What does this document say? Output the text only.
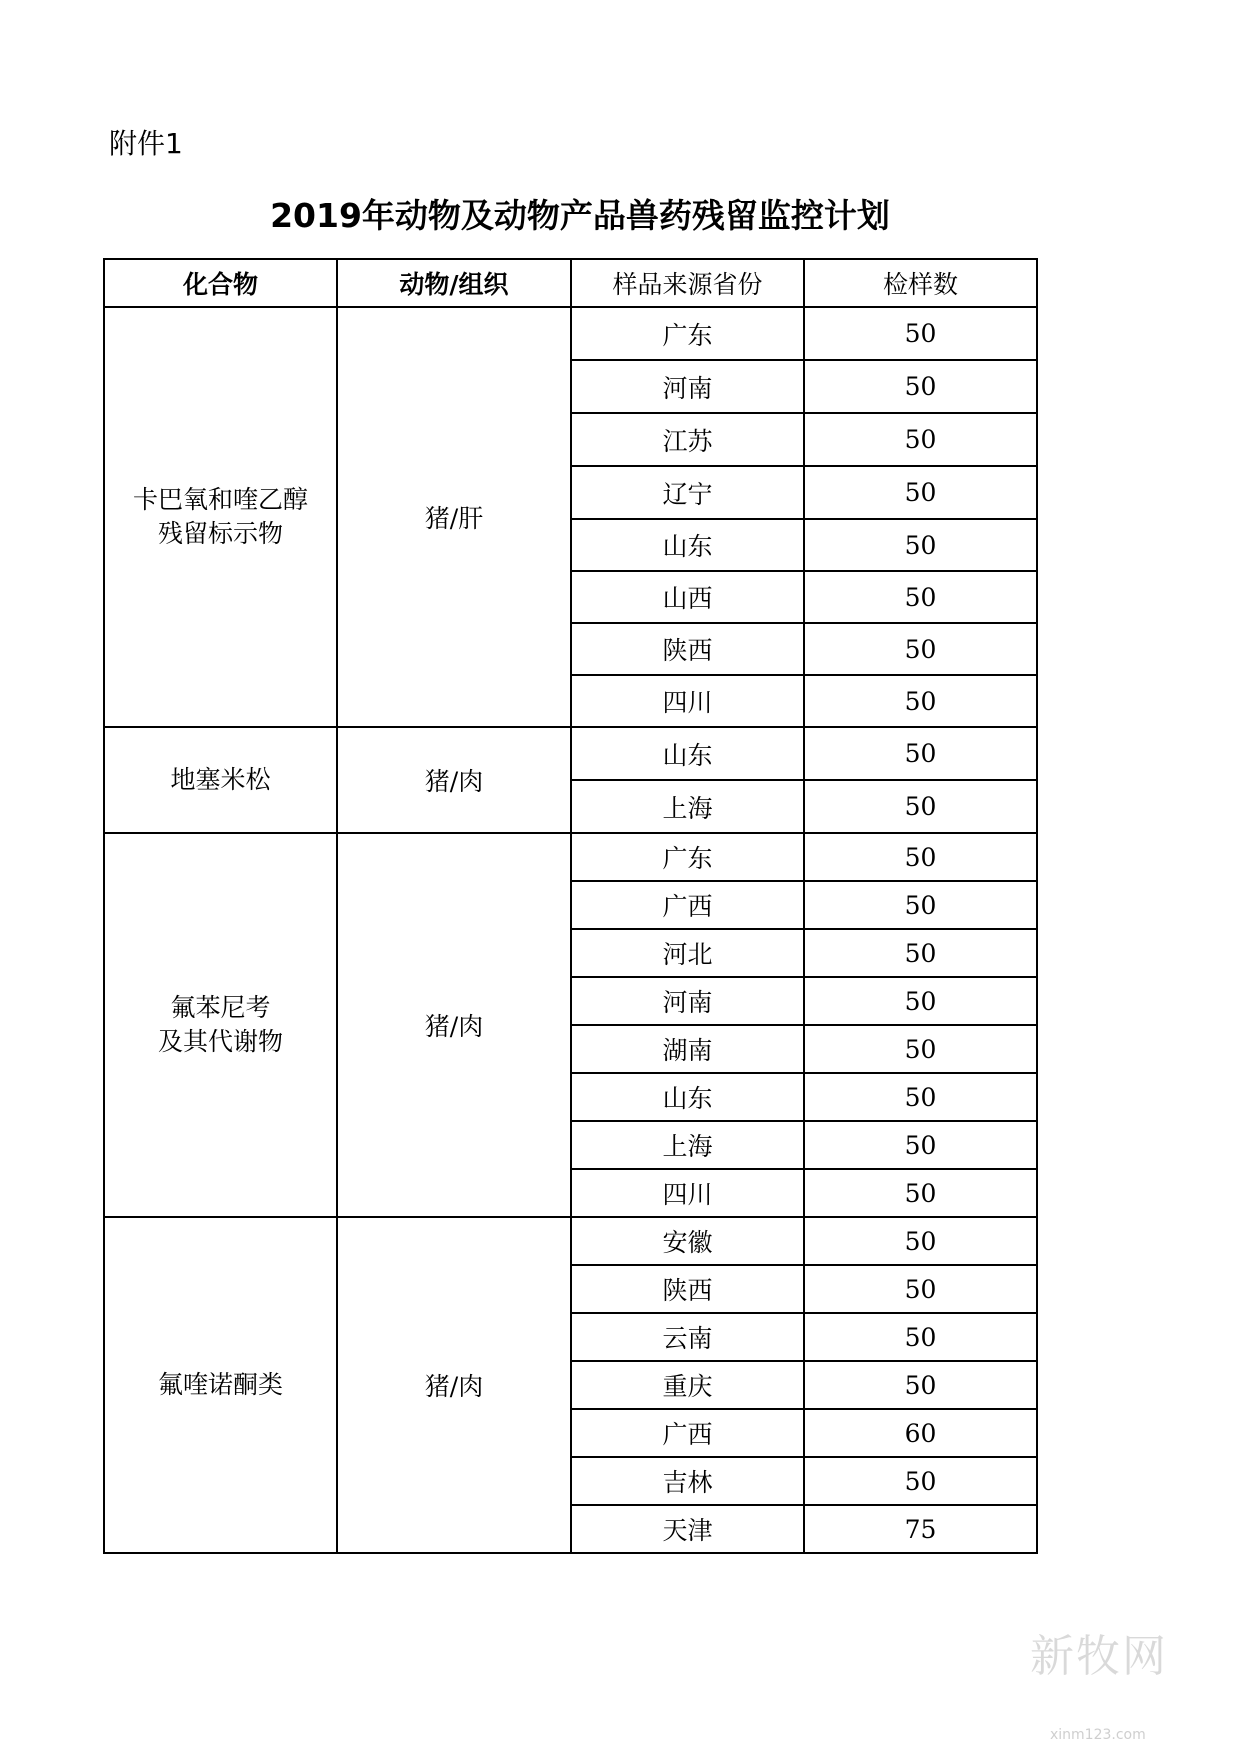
附件1
2019年动物及动物产品兽药残留监控计划
化合物	动物/组织	样品来源省份	检样数
卡巴氧和喹乙醇
残留标示物	猪/肝	广东	50
		河南	50
		江苏	50
		辽宁	50
		山东	50
		山西	50
		陕西	50
		四川	50
地塞米松	猪/肉	山东	50
		上海	50
氟苯尼考
及其代谢物	猪/肉	广东	50
		广西	50
		河北	50
		河南	50
		湖南	50
		山东	50
		上海	50
		四川	50
氟喹诺酮类	猪/肉	安徽	50
		陕西	50
		云南	50
		重庆	50
		广西	60
		吉林	50
		天津	75
新牧网
xinm123.com
